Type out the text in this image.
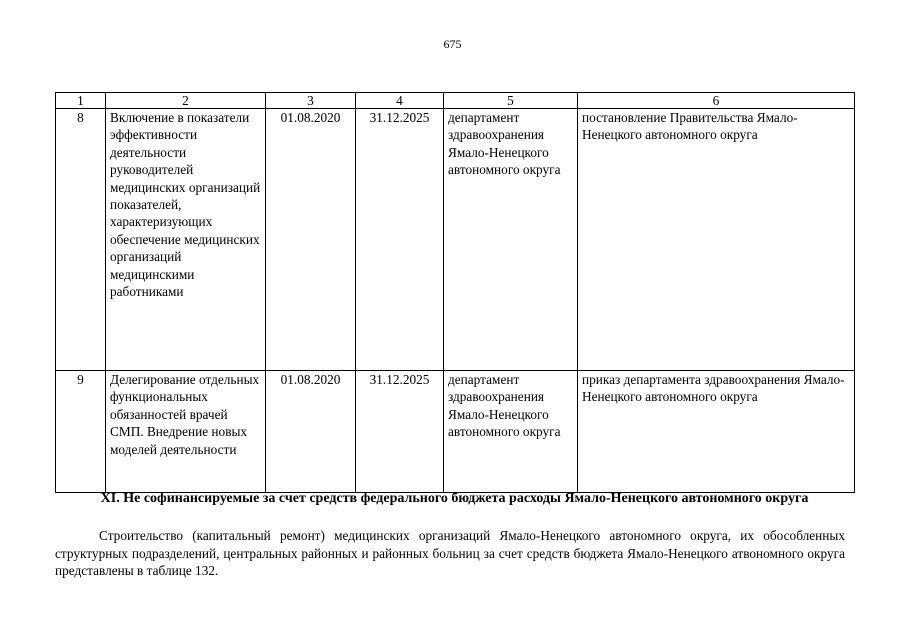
675
1	2	3	4	5	6
8	Включение в показатели эффективности деятельности руководителей медицинских организаций показателей, характеризующих обеспечение медицинских организаций медицинскими работниками	01.08.2020	31.12.2025	департамент здравоохранения Ямало-Ненецкого автономного округа	постановление Правительства Ямало-Ненецкого автономного округа
9	Делегирование отдельных функциональных обязанностей врачей СМП. Внедрение новых моделей деятельности	01.08.2020	31.12.2025	департамент здравоохранения Ямало-Ненецкого автономного округа	приказ департамента здравоохранения Ямало-Ненецкого автономного округа
XI. Не софинансируемые за счет средств федерального бюджета расходы Ямало-Ненецкого автономного округа

Строительство (капитальный ремонт) медицинских организаций Ямало-Ненецкого автономного округа, их обособленных структурных подразделений, центральных районных и районных больниц за счет средств бюджета Ямало-Ненецкого атвономного округа представлены в таблице 132.
